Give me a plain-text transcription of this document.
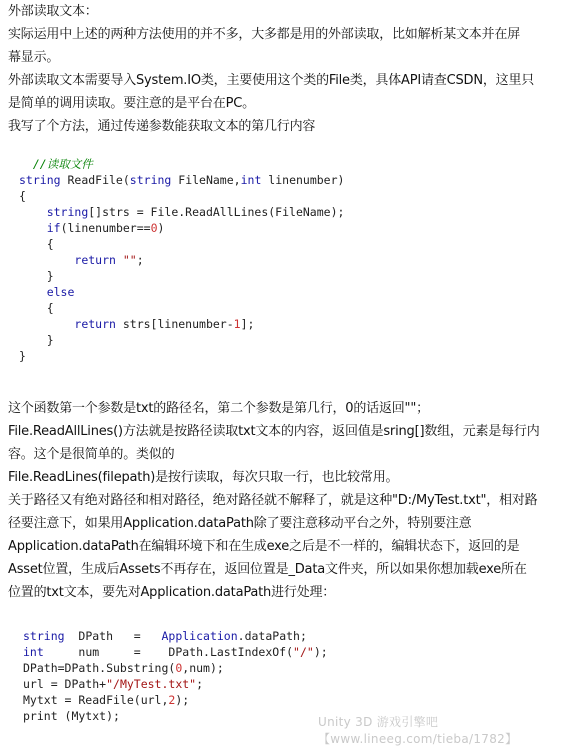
外部读取文本：

实际运用中上述的两种方法使用的并不多，大多都是用的外部读取，比如解析某文本并在屏

幕显示。

外部读取文本需要导入System.IO类，主要使用这个类的File类，具体API请查CSDN，这里只

是简单的调用读取。要注意的是平台在PC。

我写了个方法，通过传递参数能获取文本的第几行内容

//读取文件
string ReadFile(string FileName,int linenumber)
{
string[]strs = File.ReadAllLines(FileName);
if(linenumber==0)
{
return "";
}
else
{
return strs[linenumber-1];
}
}

这个函数第一个参数是txt的路径名，第二个参数是第几行，0的话返回""；

File.ReadAllLines()方法就是按路径读取txt文本的内容，返回值是sring[]数组，元素是每行内

容。这个是很简单的。类似的

File.ReadLines(filepath)是按行读取，每次只取一行，也比较常用。

关于路径又有绝对路径和相对路径，绝对路径就不解释了，就是这种"D:/MyTest.txt"，相对路

径要注意下，如果用Application.dataPath除了要注意移动平台之外，特别要注意

Application.dataPath在编辑环境下和在生成exe之后是不一样的，编辑状态下，返回的是

Asset位置，生成后Assets不再存在，返回位置是_Data文件夹，所以如果你想加载exe所在

位置的txt文本，要先对Application.dataPath进行处理：

string  DPath   =   Application.dataPath;
int     num     =    DPath.LastIndexOf("/");
DPath=DPath.Substring(0,num);
url = DPath+"/MyTest.txt";
Mytxt = ReadFile(url,2);
print (Mytxt);	Unity 3D 游戏引擎吧 【www.lineeg.com/tieba/1782】
